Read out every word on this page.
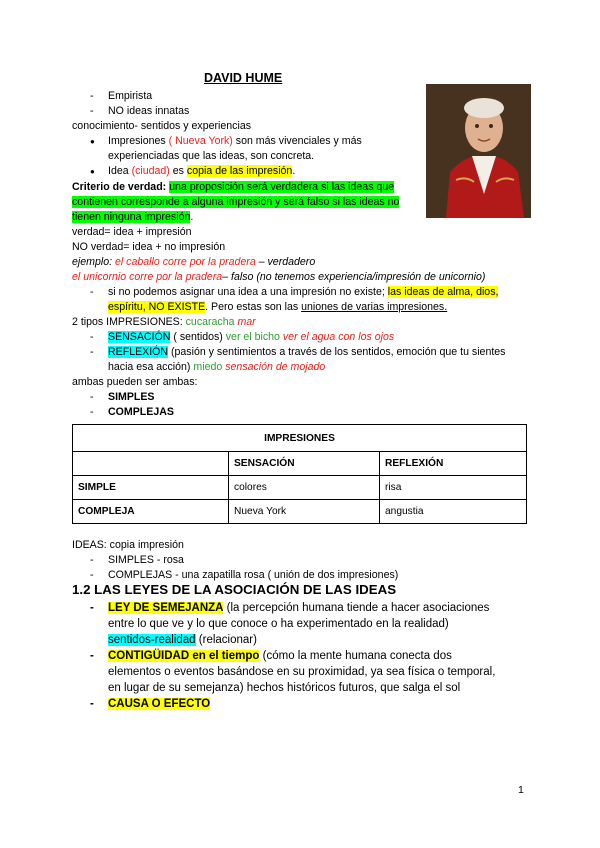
DAVID HUME
- Empirista
- NO ideas innatas
conocimiento- sentidos y experiencias
● Impresiones ( Nueva York) son más vivenciales y más
experienciadas que las ideas, son concreta.
● Idea (ciudad) es copia de las impresión.
Criterio de verdad: una proposición será verdadera si las ideas que
contienen corresponde a alguna impresión y será falso si las ideas no
tienen ninguna impresión.
verdad= idea + impresión
NO verdad= idea + no impresión
ejemplo: el caballo corre por la pradera – verdadero
el unicornio corre por la pradera– falso (no tenemos experiencia/impresión de unicornio)
- si no podemos asignar una idea a una impresión no existe; las ideas de alma, dios,
espíritu, NO EXISTE. Pero estas son las uniones de varias impresiones.
2 tipos IMPRESIONES: cucaracha mar
- SENSACIÓN ( sentidos) ver el bicho ver el agua con los ojos
- REFLEXIÓN (pasión y sentimientos a través de los sentidos, emoción que tu sientes
hacia esa acción) miedo sensación de mojado
ambas pueden ser ambas:
- SIMPLES
- COMPLEJAS
IMPRESIONES		
	SENSACIÓN	REFLEXIÓN
SIMPLE	colores	risa
COMPLEJA	Nueva York	angustia
IDEAS: copia impresión
- SIMPLES - rosa
- COMPLEJAS - una zapatilla rosa ( unión de dos impresiones)
1.2 LAS LEYES DE LA ASOCIACIÓN DE LAS IDEAS
- LEY DE SEMEJANZA (la percepción humana tiende a hacer asociaciones
entre lo que ve y lo que conoce o ha experimentado en la realidad)
sentidos-realidad (relacionar)
- CONTIGÜIDAD en el tiempo (cómo la mente humana conecta dos
elementos o eventos basándose en su proximidad, ya sea física o temporal,
en lugar de su semejanza) hechos históricos futuros, que salga el sol
- CAUSA O EFECTO
1
